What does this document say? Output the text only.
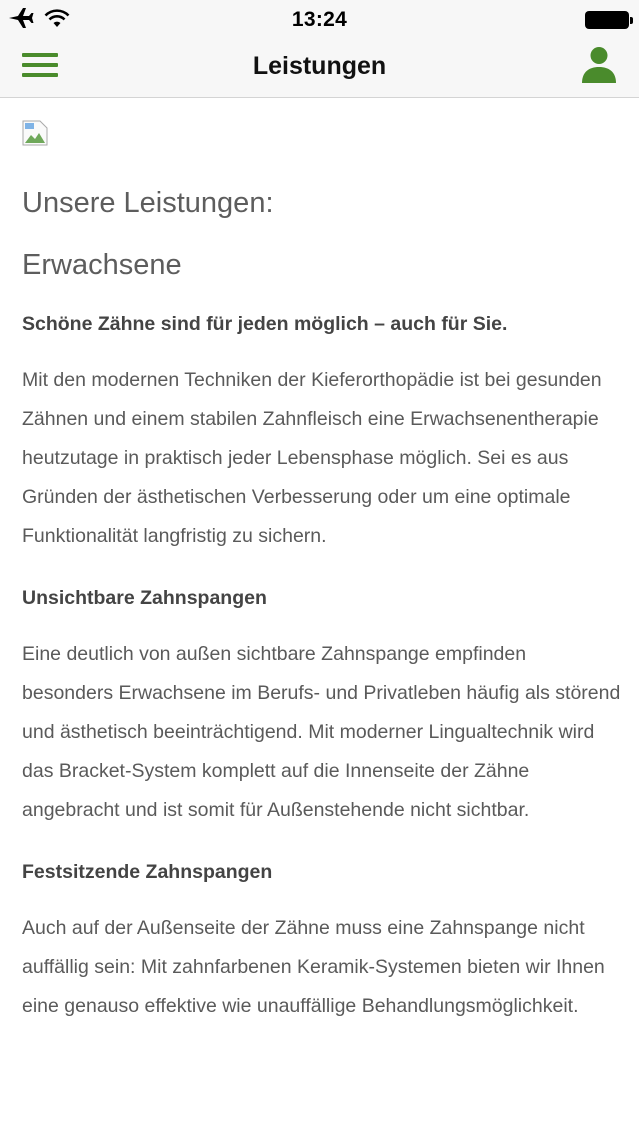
13:24
Leistungen
Unsere Leistungen:
Erwachsene

Schöne Zähne sind für jeden möglich – auch für Sie.

Mit den modernen Techniken der Kieferorthopädie ist bei gesunden Zähnen und einem stabilen Zahnfleisch eine Erwachsenentherapie heutzutage in praktisch jeder Lebensphase möglich. Sei es aus Gründen der ästhetischen Verbesserung oder um eine optimale Funktionalität langfristig zu sichern.

Unsichtbare Zahnspangen

Eine deutlich von außen sichtbare Zahnspange empfinden besonders Erwachsene im Berufs- und Privatleben häufig als störend und ästhetisch beeinträchtigend. Mit moderner Lingualtechnik wird das Bracket-System komplett auf die Innenseite der Zähne angebracht und ist somit für Außenstehende nicht sichtbar.

Festsitzende Zahnspangen

Auch auf der Außenseite der Zähne muss eine Zahnspange nicht auffällig sein: Mit zahnfarbenen Keramik-Systemen bieten wir Ihnen eine genauso effektive wie unauffällige Behandlungsmöglichkeit.
